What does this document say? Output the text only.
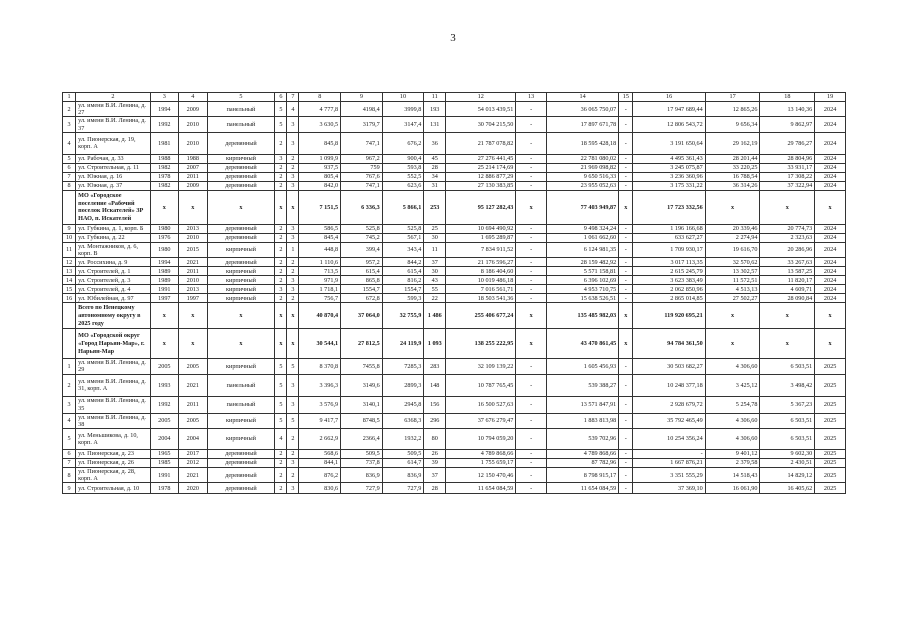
3
1	2	3	4	5	6	7	8	9	10	11	12	13	14	15	16	17	18	19
2	ул. имени В.И. Ленина, д. 27	1994	2009	панельный	5	4	4 777,8	4198,4	3999,8	193	54 013 439,51	-	36 065 750,07	-	17 947 689,44	12 865,26	13 140,36	2024
3	ул. имени В.И. Ленина, д. 37	1992	2010	панельный	5	3	3 630,5	3179,7	3147,4	131	30 704 215,50	-	17 897 671,78	-	12 806 543,72	9 656,34	9 862,97	2024
4	ул. Пионерская, д. 19, корп. А	1981	2010	деревянный	2	3	845,8	747,1	676,2	36	21 787 078,82	-	18 595 428,18	-	3 191 650,64	29 162,19	29 786,27	2024
5	ул. Рабочая, д. 33	1988	1988	кирпичный	3	2	1 099,9	967,2	900,4	45	27 276 441,45	-	22 781 080,02	-	4 495 361,43	28 201,44	28 804,96	2024
6	ул. Строительная, д. 11	1982	2007	деревянный	2	2	937,5	759	593,8	28	25 214 174,69	-	21 969 098,82	-	3 245 075,87	33 220,25	33 931,17	2024
7	ул. Южная, д. 16	1978	2011	деревянный	2	3	805,4	767,6	552,5	34	12 886 877,29	-	9 650 516,33	-	3 236 360,96	16 788,54	17 308,22	2024
8	ул. Южная, д. 37	1982	2009	деревянный	2	3	842,0	747,1	623,6	31	27 130 383,85	-	23 955 052,63	-	3 175 331,22	36 314,26	37 322,94	2024
	МО «Городское поселение «Рабочий поселок Искателей» ЗР НАО, п. Искателей	x	x	x	x	x	7 151,5	6 336,3	5 866,1	253	95 127 282,43	x	77 403 949,87	x	17 723 332,56	x	x	x
9	ул. Губкина, д. 1, корп. Б	1980	2013	деревянный	2	3	586,5	525,8	525,8	25	10 694 490,92	-	9 498 324,24	-	1 196 166,68	20 339,46	20 774,73	2024
10	ул. Губкина, д. 22	1976	2010	деревянный	2	3	845,4	745,2	567,1	30	1 695 289,87	-	1 061 662,60	-	633 627,27	2 274,94	2 323,63	2024
11	ул. Монтажников, д. 6, корп. В	1980	2015	кирпичный	2	1	448,8	399,4	343,4	11	7 834 911,52	-	6 124 981,35	-	1 709 930,17	19 616,70	20 286,96	2024
12	ул. Россихина, д. 9	1994	2021	деревянный	2	2	1 110,6	957,2	844,2	37	21 176 596,27	-	28 159 482,92	-	3 017 113,35	32 570,62	33 267,63	2024
13	ул. Строителей, д. 1	1989	2011	кирпичный	2	2	713,5	615,4	615,4	30	8 186 404,60	-	5 571 158,81	-	2 615 245,79	13 302,57	13 587,25	2024
14	ул. Строителей, д. 3	1989	2010	кирпичный	2	3	971,9	865,8	816,2	43	10 019 486,18	-	6 396 102,69	-	3 623 383,49	11 572,51	11 820,17	2024
15	ул. Строителей, д. 4	1991	2013	кирпичный	3	3	1 718,1	1554,7	1554,7	55	7 016 561,71	-	4 953 710,75	-	2 062 850,96	4 513,13	4 609,71	2024
16	ул. Юбилейная, д. 97	1997	1997	кирпичный	2	2	756,7	672,8	599,3	22	18 503 541,36	-	15 638 526,51	-	2 865 014,85	27 502,27	28 090,84	2024
	Всего по Ненецкому автономному округу в 2025 году	x	x	x	x	x	40 870,4	37 064,0	32 755,9	1 486	255 406 677,24	x	135 485 982,03	x	119 920 695,21	x	x	x
	МО «Городской округ «Город Нарьян-Мар», г. Нарьян-Мар	x	x	x	x	x	30 544,1	27 812,5	24 119,9	1 093	138 255 222,95	x	43 470 861,45	x	94 784 361,50	x	x	x
1	ул. имени В.И. Ленина, д. 29	2005	2005	кирпичный	5	5	8 370,8	7455,8	7285,3	283	32 109 139,22	-	1 605 456,93	-	30 503 682,27	4 306,60	6 503,51	2025
2	ул. имени В.И. Ленина, д. 31, корп. А	1993	2021	панельный	5	3	3 396,3	3149,6	2899,3	148	10 787 765,45	-	539 388,27	-	10 248 377,18	3 425,12	3 498,42	2025
3	ул. имени В.И. Ленина, д. 35	1992	2011	панельный	5	3	3 576,9	3140,1	2945,8	156	16 500 527,63	-	13 571 847,91	-	2 928 679,72	5 254,78	5 367,23	2025
4	ул. имени В.И. Ленина, д. 38	2005	2005	кирпичный	5	5	9 417,7	8748,5	6368,3	296	37 676 279,47	-	1 883 813,98	-	35 792 465,49	4 306,60	6 503,51	2025
5	ул. Меньшикова, д. 10, корп. А	2004	2004	кирпичный	4	2	2 662,9	2366,4	1932,2	80	10 794 059,20	-	539 702,96	-	10 254 356,24	4 306,60	6 503,51	2025
6	ул. Пионерская, д. 23	1965	2017	деревянный	2	2	568,6	509,5	509,5	26	4 789 868,66	-	4 789 868,66	-	-	9 401,12	9 602,30	2025
7	ул. Пионерская, д. 26	1985	2012	деревянный	2	3	844,1	737,8	614,7	39	1 755 659,17	-	87 782,96	-	1 667 876,21	2 379,58	2 430,51	2025
8	ул. Пионерская, д. 28, корп. А	1991	2021	деревянный	2	2	876,2	836,9	836,9	37	12 150 470,46	-	8 798 915,17	-	3 351 555,29	14 518,43	14 829,12	2025
9	ул. Строительная, д. 10	1978	2020	деревянный	2	3	830,6	727,9	727,9	28	11 654 084,59	-	11 654 084,59	-	37 369,10	16 061,90	16 405,62	2025
